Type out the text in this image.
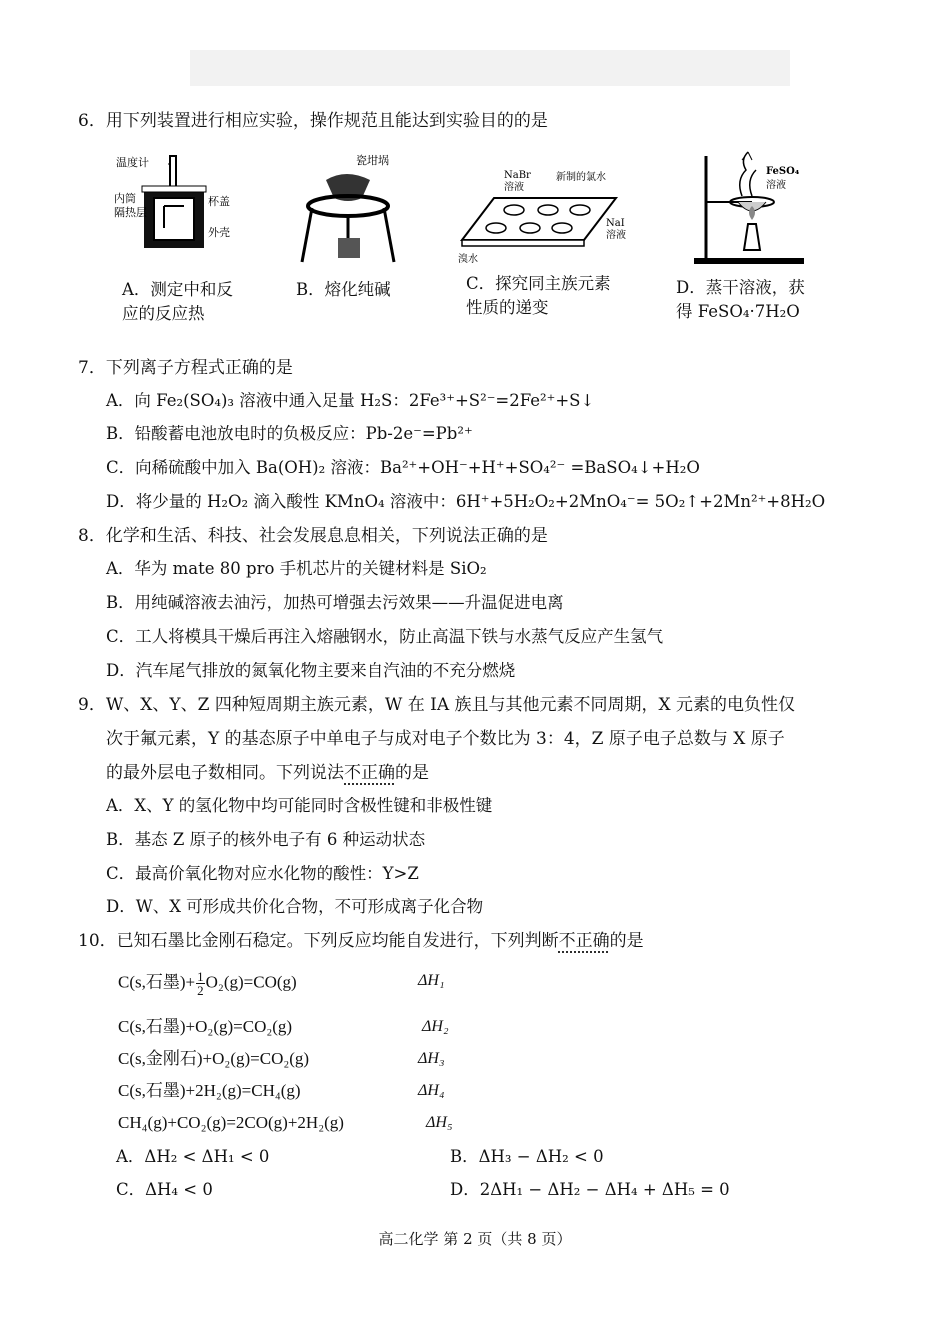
6．用下列装置进行相应实验，操作规范且能达到实验目的的是
温度计
杯盖
内筒
隔热层
外壳
瓷坩埚
NaBr
溶液
新制的氯水
NaI
溶液
溴水
FeSO₄
溶液
A．测定中和反
应的反应热
B．熔化纯碱	C．探究同主族元素
性质的递变
D．蒸干溶液，获
得 FeSO₄·7H₂O
7．下列离子方程式正确的是
A．向 Fe₂(SO₄)₃ 溶液中通入足量 H₂S：2Fe³⁺+S²⁻=2Fe²⁺+S↓
B．铅酸蓄电池放电时的负极反应：Pb-2e⁻=Pb²⁺
C．向稀硫酸中加入 Ba(OH)₂ 溶液：Ba²⁺+OH⁻+H⁺+SO₄²⁻ =BaSO₄↓+H₂O
D．将少量的 H₂O₂ 滴入酸性 KMnO₄ 溶液中：6H⁺+5H₂O₂+2MnO₄⁻= 5O₂↑+2Mn²⁺+8H₂O
8．化学和生活、科技、社会发展息息相关，下列说法正确的是
A．华为 mate 80 pro 手机芯片的关键材料是 SiO₂
B．用纯碱溶液去油污，加热可增强去污效果——升温促进电离
C．工人将模具干燥后再注入熔融钢水，防止高温下铁与水蒸气反应产生氢气
D．汽车尾气排放的氮氧化物主要来自汽油的不充分燃烧
9．W、X、Y、Z 四种短周期主族元素，W 在 IA 族且与其他元素不同周期，X 元素的电负性仅
次于氟元素，Y 的基态原子中单电子与成对电子个数比为 3：4，Z 原子电子总数与 X 原子
的最外层电子数相同。下列说法不正确的是
A．X、Y 的氢化物中均可能同时含极性键和非极性键
B．基态 Z 原子的核外电子有 6 种运动状态
C．最高价氧化物对应水化物的酸性：Y>Z
D．W、X 可形成共价化合物，不可形成离子化合物
10．已知石墨比金刚石稳定。下列反应均能自发进行，下列判断不正确的是
C(s,石墨)+ $\frac{1}{2} O_2(g)=CO(g)$	ΔH₁
C(s,石墨)+O₂(g)=CO₂(g)	ΔH₂
C(s,金刚石)+O₂(g)=CO₂(g)	ΔH₃
C(s,石墨)+2H₂(g)=CH₄(g)	ΔH₄
CH₄(g)+CO₂(g)=2CO(g)+2H₂(g)	ΔH₅
A．ΔH₂ < ΔH₁ < 0	B．ΔH₃ − ΔH₂ < 0
C．ΔH₄ < 0	D．2ΔH₁ − ΔH₂ − ΔH₄ + ΔH₅ = 0
高二化学 第 2 页（共 8 页）
